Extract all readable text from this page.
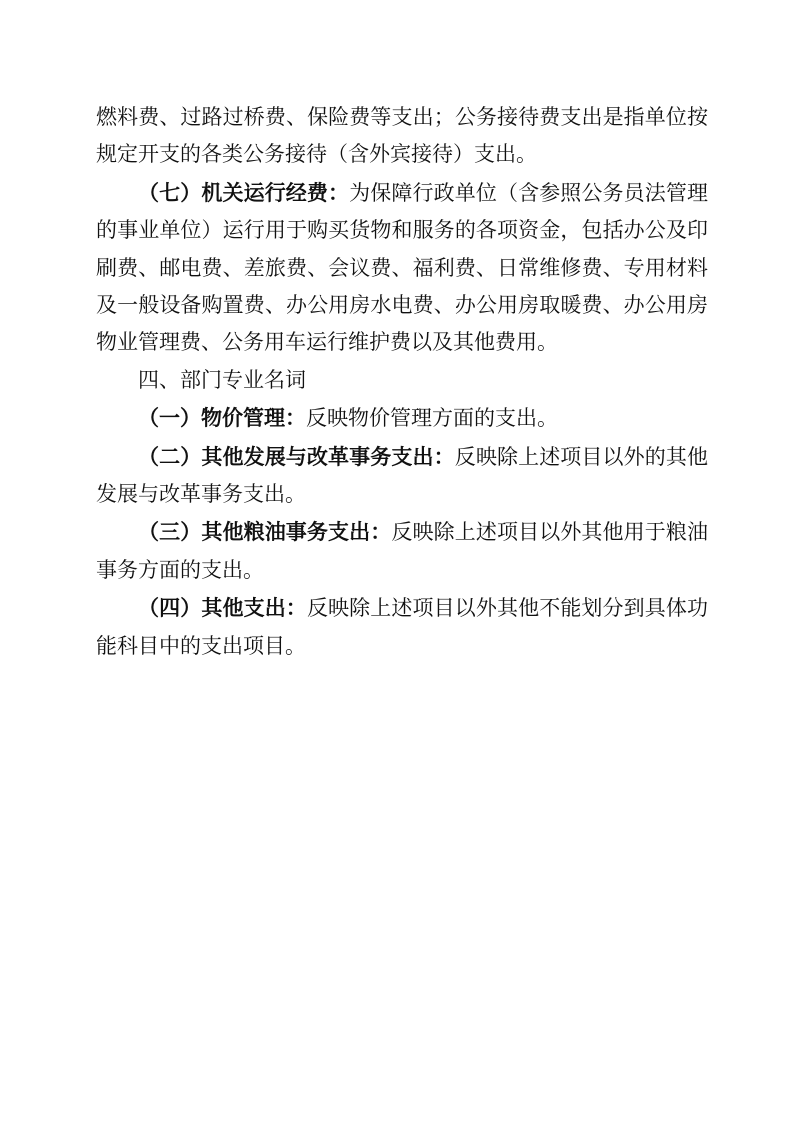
燃料费、过路过桥费、保险费等支出；公务接待费支出是指单位按规定开支的各类公务接待（含外宾接待）支出。

（七）机关运行经费：为保障行政单位（含参照公务员法管理的事业单位）运行用于购买货物和服务的各项资金，包括办公及印刷费、邮电费、差旅费、会议费、福利费、日常维修费、专用材料及一般设备购置费、办公用房水电费、办公用房取暖费、办公用房物业管理费、公务用车运行维护费以及其他费用。

四、部门专业名词

（一）物价管理：反映物价管理方面的支出。

（二）其他发展与改革事务支出：反映除上述项目以外的其他发展与改革事务支出。

（三）其他粮油事务支出：反映除上述项目以外其他用于粮油事务方面的支出。

（四）其他支出：反映除上述项目以外其他不能划分到具体功能科目中的支出项目。
